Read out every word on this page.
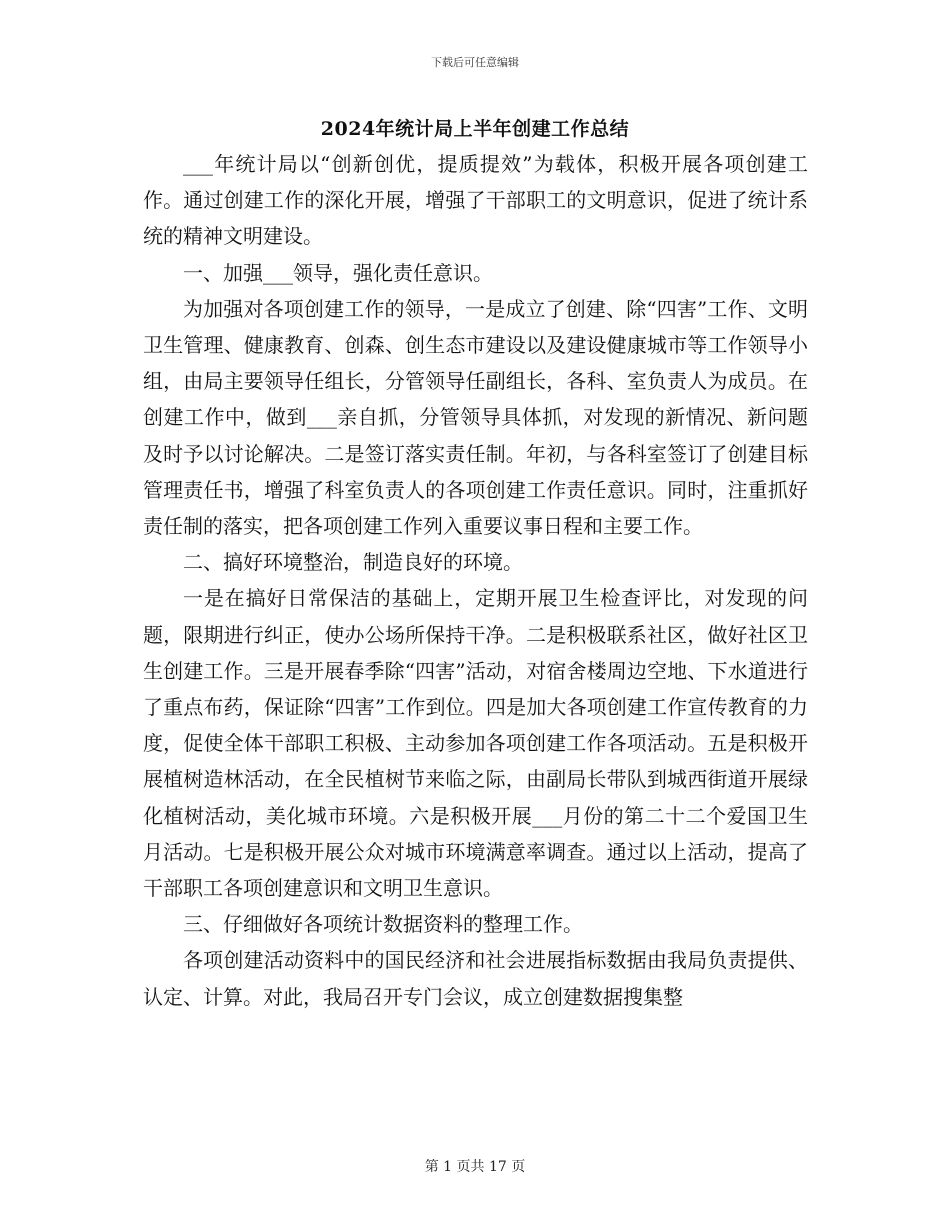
下载后可任意编辑
2024年统计局上半年创建工作总结

___年统计局以“创新创优，提质提效”为载体，积极开展各项创建工作。通过创建工作的深化开展，增强了干部职工的文明意识，促进了统计系统的精神文明建设。

一、加强___领导，强化责任意识。

为加强对各项创建工作的领导，一是成立了创建、除“四害”工作、文明卫生管理、健康教育、创森、创生态市建设以及建设健康城市等工作领导小组，由局主要领导任组长，分管领导任副组长，各科、室负责人为成员。在创建工作中，做到___亲自抓，分管领导具体抓，对发现的新情况、新问题及时予以讨论解决。二是签订落实责任制。年初，与各科室签订了创建目标管理责任书，增强了科室负责人的各项创建工作责任意识。同时，注重抓好责任制的落实，把各项创建工作列入重要议事日程和主要工作。

二、搞好环境整治，制造良好的环境。

一是在搞好日常保洁的基础上，定期开展卫生检查评比，对发现的问题，限期进行纠正，使办公场所保持干净。二是积极联系社区，做好社区卫生创建工作。三是开展春季除“四害”活动，对宿舍楼周边空地、下水道进行了重点布药，保证除“四害”工作到位。四是加大各项创建工作宣传教育的力度，促使全体干部职工积极、主动参加各项创建工作各项活动。五是积极开展植树造林活动，在全民植树节来临之际，由副局长带队到城西街道开展绿化植树活动，美化城市环境。六是积极开展___月份的第二十二个爱国卫生月活动。七是积极开展公众对城市环境满意率调查。通过以上活动，提高了干部职工各项创建意识和文明卫生意识。

三、仔细做好各项统计数据资料的整理工作。

各项创建活动资料中的国民经济和社会进展指标数据由我局负责提供、认定、计算。对此，我局召开专门会议，成立创建数据搜集整

第 1 页共 17 页
